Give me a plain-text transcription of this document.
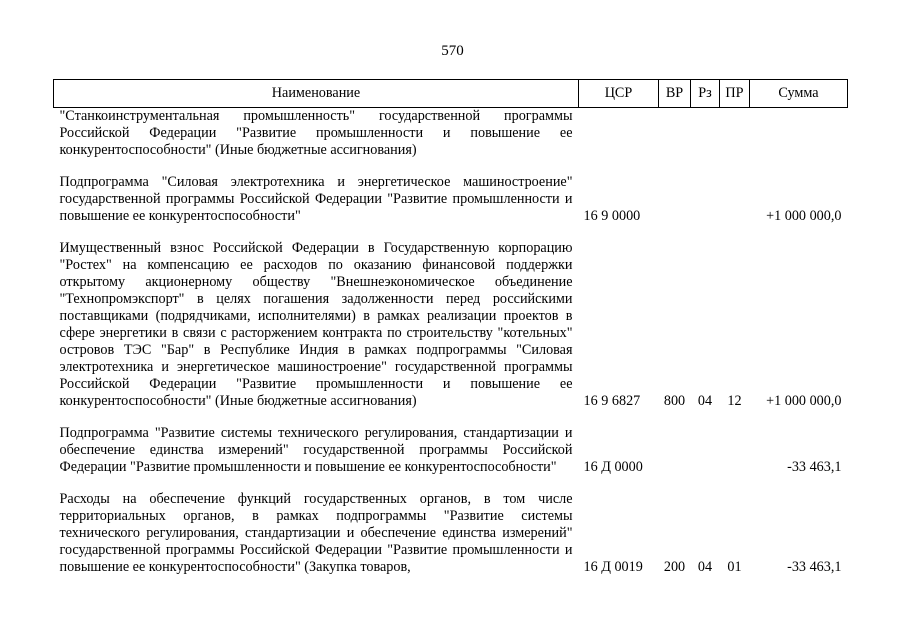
570
Наименование	ЦСР	ВР	Рз	ПР	Сумма
"Станкоинструментальная промышленность" государственной программы Российской Федерации "Развитие промышленности и повышение ее конкурентоспособности" (Иные бюджетные ассигнования)					
Подпрограмма "Силовая электротехника и энергетическое машиностроение" государственной программы Российской Федерации "Развитие промышленности и повышение ее конкурентоспособности"	16 9 0000				+1 000 000,0
Имущественный взнос Российской Федерации в Государственную корпорацию "Ростех" на компенсацию ее расходов по оказанию финансовой поддержки открытому акционерному обществу "Внешнеэкономическое объединение "Технопромэкспорт" в целях погашения задолженности перед российскими поставщиками (подрядчиками, исполнителями) в рамках реализации проектов в сфере энергетики в связи с расторжением контракта по строительству "котельных" островов ТЭС "Бар" в Республике Индия в рамках подпрограммы "Силовая электротехника и энергетическое машиностроение" государственной программы Российской Федерации "Развитие промышленности и повышение ее конкурентоспособности" (Иные бюджетные ассигнования)	16 9 6827	800	04	12	+1 000 000,0
Подпрограмма "Развитие системы технического регулирования, стандартизации и обеспечение единства измерений" государственной программы Российской Федерации "Развитие промышленности и повышение ее конкурентоспособности"	16 Д 0000				-33 463,1
Расходы на обеспечение функций государственных органов, в том числе территориальных органов, в рамках подпрограммы "Развитие системы технического регулирования, стандартизации и обеспечение единства измерений" государственной программы Российской Федерации "Развитие промышленности и повышение ее конкурентоспособности" (Закупка товаров,	16 Д 0019	200	04	01	-33 463,1
